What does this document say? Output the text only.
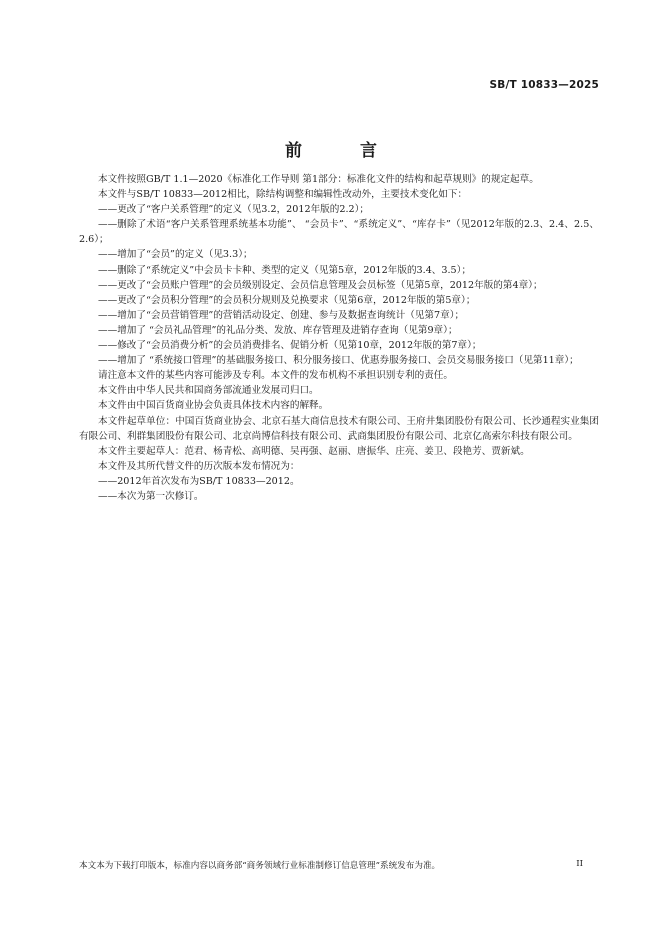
SB/T 10833—2025
前 言

本文件按照GB/T 1.1—2020《标准化工作导则 第1部分：标准化文件的结构和起草规则》的规定起草。

本文件与SB/T 10833—2012相比，除结构调整和编辑性改动外，主要技术变化如下：

——更改了“客户关系管理”的定义（见3.2，2012年版的2.2）；

——删除了术语“客户关系管理系统基本功能”、 “会员卡”、“系统定义”、“库存卡”（见2012年版的2.3、2.4、2.5、2.6）；

——增加了“会员”的定义（见3.3）；

——删除了“系统定义”中会员卡卡种、类型的定义（见第5章，2012年版的3.4、3.5）；

——更改了“会员账户管理”的会员级别设定、会员信息管理及会员标签（见第5章，2012年版的第4章）；

——更改了“会员积分管理”的会员积分规则及兑换要求（见第6章，2012年版的第5章）；

——增加了“会员营销管理”的营销活动设定、创建、参与及数据查询统计（见第7章）；

——增加了 “会员礼品管理”的礼品分类、发放、库存管理及进销存查询（见第9章）；

——修改了“会员消费分析”的会员消费排名、促销分析（见第10章，2012年版的第7章）；

——增加了 “系统接口管理”的基础服务接口、积分服务接口、优惠券服务接口、会员交易服务接口（见第11章）；

请注意本文件的某些内容可能涉及专利。本文件的发布机构不承担识别专利的责任。

本文件由中华人民共和国商务部流通业发展司归口。

本文件由中国百货商业协会负责具体技术内容的解释。

本文件起草单位：中国百货商业协会、北京石基大商信息技术有限公司、王府井集团股份有限公司、长沙通程实业集团有限公司、利群集团股份有限公司、北京尚博信科技有限公司、武商集团股份有限公司、北京亿高索尔科技有限公司。

本文件主要起草人：范君、杨青松、高明德、吴再强、赵丽、唐振华、庄亮、姜卫、段艳芳、贾新斌。

本文件及其所代替文件的历次版本发布情况为：

——2012年首次发布为SB/T 10833—2012。

——本次为第一次修订。

本文本为下载打印版本，标准内容以商务部“商务领域行业标准制修订信息管理”系统发布为准。	II
